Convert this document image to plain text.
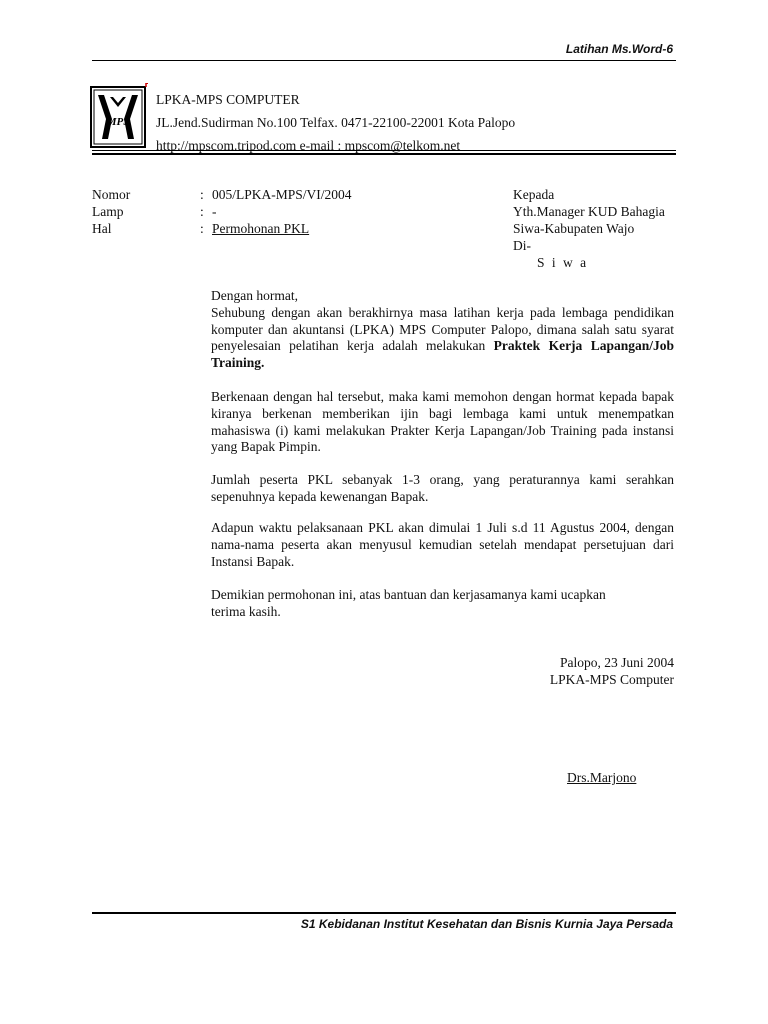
Latihan Ms.Word-6
MPS
LPKA-MPS COMPUTER
JL.Jend.Sudirman No.100 Telfax. 0471-22100-22001 Kota Palopo
http://mpscom.tripod.com e-mail : mpscom@telkom.net
Nomor
Lamp
Hal
:
:
:
005/LPKA-MPS/VI/2004
-
Permohonan PKL
Kepada
Yth.Manager KUD Bahagia
Siwa-Kabupaten Wajo
Di-
S i w a

Dengan hormat,

Sehubung dengan akan berakhirnya masa latihan kerja pada lembaga pendidikan komputer dan akuntansi (LPKA) MPS Computer Palopo, dimana salah satu syarat penyelesaian pelatihan kerja adalah melakukan Praktek Kerja Lapangan/Job Training.

Berkenaan dengan hal tersebut, maka kami memohon dengan hormat kepada bapak kiranya berkenan memberikan ijin bagi lembaga kami untuk menempatkan mahasiswa (i) kami melakukan Prakter Kerja Lapangan/Job Training pada instansi yang Bapak Pimpin.
Jumlah peserta PKL sebanyak 1-3 orang, yang peraturannya kami serahkan sepenuhnya kepada kewenangan Bapak.
Adapun waktu pelaksanaan PKL akan dimulai 1 Juli s.d 11 Agustus 2004, dengan nama-nama peserta akan menyusul kemudian setelah mendapat persetujuan dari Instansi Bapak.

Demikian permohonan ini, atas bantuan dan kerjasamanya kami ucapkan

terima kasih.

Palopo, 23 Juni 2004
LPKA-MPS Computer
Drs.Marjono
S1 Kebidanan Institut Kesehatan dan Bisnis Kurnia Jaya Persada
